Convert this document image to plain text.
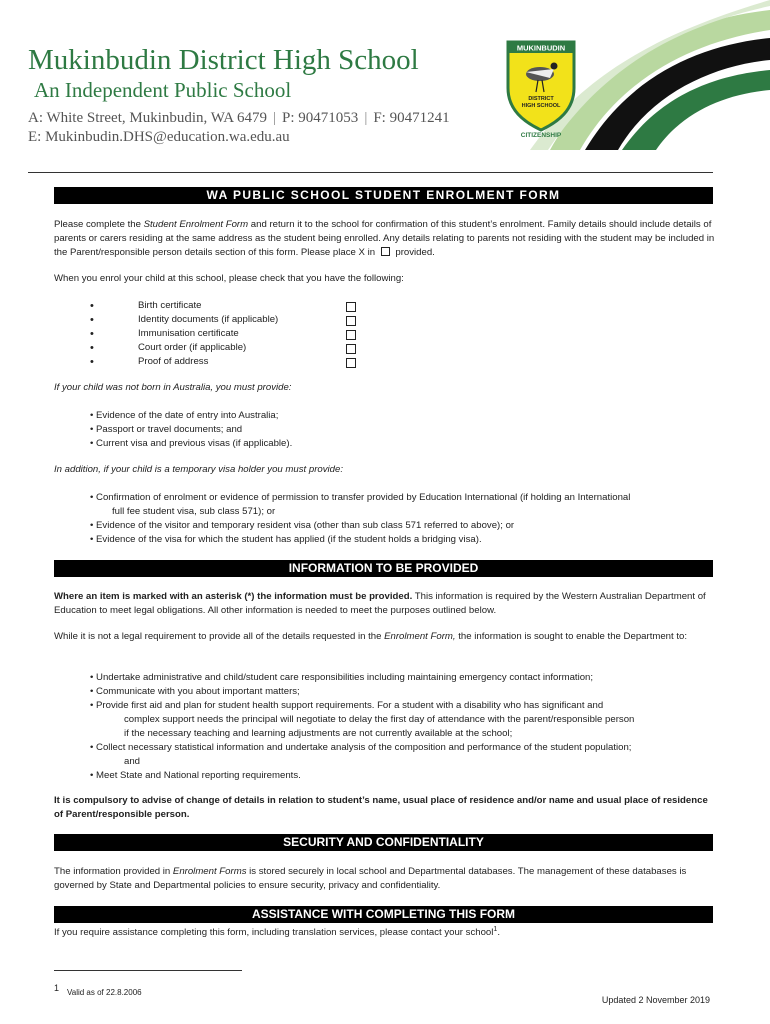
Mukinbudin District High School
An Independent Public School
A: White Street, Mukinbudin, WA 6479 | P: 90471053 | F: 90471241
E: Mukinbudin.DHS@education.wa.edu.au
MUKINBUDIN
DISTRICT
HIGH SCHOOL
CITIZENSHIP
WA PUBLIC SCHOOL STUDENT ENROLMENT FORM
Please complete the Student Enrolment Form and return it to the school for confirmation of this student’s enrolment. Family details should include details of parents or carers residing at the same address as the student being enrolled. Any details relating to parents not residing with the student may be included in the Parent/responsible person details section of this form. Please place X in  provided.
When you enrol your child at this school, please check that you have the following:
• Birth certificate
• Identity documents (if applicable)
• Immunisation certificate
• Court order (if applicable)
• Proof of address
If your child was not born in Australia, you must provide:
• Evidence of the date of entry into Australia;
• Passport or travel documents; and
• Current visa and previous visas (if applicable).
In addition, if your child is a temporary visa holder you must provide:
• Confirmation of enrolment or evidence of permission to transfer provided by Education International (if holding an International
full fee student visa, sub class 571); or
• Evidence of the visitor and temporary resident visa (other than sub class 571 referred to above); or
• Evidence of the visa for which the student has applied (if the student holds a bridging visa).
INFORMATION TO BE PROVIDED
Where an item is marked with an asterisk (*) the information must be provided. This information is required by the Western Australian Department of Education to meet legal obligations. All other information is needed to meet the purposes outlined below.
While it is not a legal requirement to provide all of the details requested in the Enrolment Form, the information is sought to enable the Department to:
• Undertake administrative and child/student care responsibilities including maintaining emergency contact information;
• Communicate with you about important matters;
• Provide first aid and plan for student health support requirements. For a student with a disability who has significant and
complex support needs the principal will negotiate to delay the first day of attendance with the parent/responsible person
if the necessary teaching and learning adjustments are not currently available at the school;
• Collect necessary statistical information and undertake analysis of the composition and performance of the student population;
and
• Meet State and National reporting requirements.
It is compulsory to advise of change of details in relation to student’s name, usual place of residence and/or name and usual place of residence of Parent/responsible person.
SECURITY AND CONFIDENTIALITY
The information provided in Enrolment Forms is stored securely in local school and Departmental databases. The management of these databases is governed by State and Departmental policies to ensure security, privacy and confidentiality.
ASSISTANCE WITH COMPLETING THIS FORM
If you require assistance completing this form, including translation services, please contact your school$^1$.
$^1$ Valid as of 22.8.2006
Updated 2 November 2019
